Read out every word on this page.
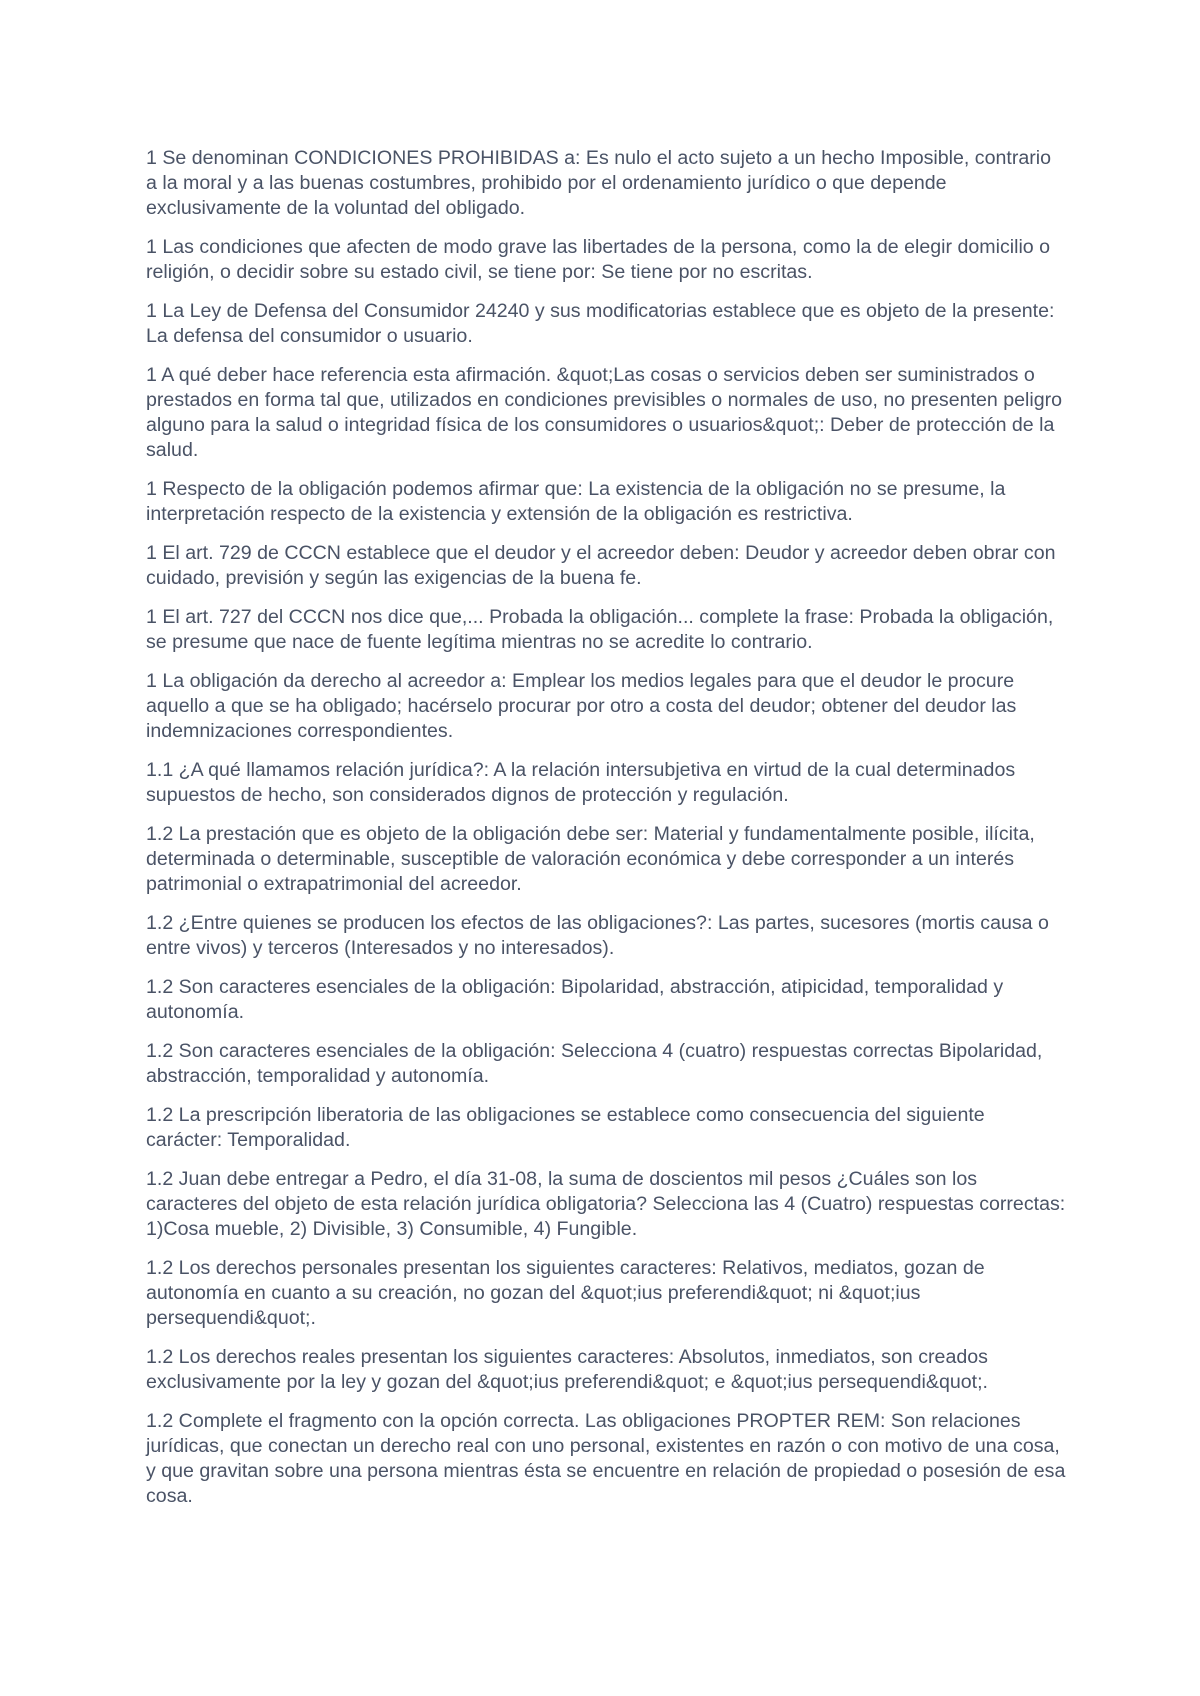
1 Se denominan CONDICIONES PROHIBIDAS a: Es nulo el acto sujeto a un hecho Imposible, contrario a la moral y a las buenas costumbres, prohibido por el ordenamiento jurídico o que depende exclusivamente de la voluntad del obligado.

1 Las condiciones que afecten de modo grave las libertades de la persona, como la de elegir domicilio o religión, o decidir sobre su estado civil, se tiene por: Se tiene por no escritas.

1 La Ley de Defensa del Consumidor 24240 y sus modificatorias establece que es objeto de la presente: La defensa del consumidor o usuario.

1 A qué deber hace referencia esta afirmación. &quot;Las cosas o servicios deben ser suministrados o prestados en forma tal que, utilizados en condiciones previsibles o normales de uso, no presenten peligro alguno para la salud o integridad física de los consumidores o usuarios&quot;: Deber de protección de la salud.

1 Respecto de la obligación podemos afirmar que: La existencia de la obligación no se presume, la interpretación respecto de la existencia y extensión de la obligación es restrictiva.

1 El art. 729 de CCCN establece que el deudor y el acreedor deben: Deudor y acreedor deben obrar con cuidado, previsión y según las exigencias de la buena fe.

1 El art. 727 del CCCN nos dice que,... Probada la obligación... complete la frase: Probada la obligación, se presume que nace de fuente legítima mientras no se acredite lo contrario.

1 La obligación da derecho al acreedor a: Emplear los medios legales para que el deudor le procure aquello a que se ha obligado; hacérselo procurar por otro a costa del deudor; obtener del deudor las indemnizaciones correspondientes.

1.1 ¿A qué llamamos relación jurídica?: A la relación intersubjetiva en virtud de la cual determinados supuestos de hecho, son considerados dignos de protección y regulación.

1.2 La prestación que es objeto de la obligación debe ser: Material y fundamentalmente posible, ilícita, determinada o determinable, susceptible de valoración económica y debe corresponder a un interés patrimonial o extrapatrimonial del acreedor.

1.2 ¿Entre quienes se producen los efectos de las obligaciones?: Las partes, sucesores (mortis causa o entre vivos) y terceros (Interesados y no interesados).

1.2 Son caracteres esenciales de la obligación: Bipolaridad, abstracción, atipicidad, temporalidad y autonomía.

1.2 Son caracteres esenciales de la obligación: Selecciona 4 (cuatro) respuestas correctas Bipolaridad, abstracción, temporalidad y autonomía.

1.2 La prescripción liberatoria de las obligaciones se establece como consecuencia del siguiente carácter: Temporalidad.

1.2 Juan debe entregar a Pedro, el día 31-08, la suma de doscientos mil pesos ¿Cuáles son los caracteres del objeto de esta relación jurídica obligatoria? Selecciona las 4 (Cuatro) respuestas correctas: 1)Cosa mueble, 2) Divisible, 3) Consumible, 4) Fungible.

1.2 Los derechos personales presentan los siguientes caracteres: Relativos, mediatos, gozan de autonomía en cuanto a su creación, no gozan del &quot;ius preferendi&quot; ni &quot;ius persequendi&quot;.

1.2 Los derechos reales presentan los siguientes caracteres: Absolutos, inmediatos, son creados exclusivamente por la ley y gozan del &quot;ius preferendi&quot; e &quot;ius persequendi&quot;.

1.2 Complete el fragmento con la opción correcta. Las obligaciones PROPTER REM: Son relaciones jurídicas, que conectan un derecho real con uno personal, existentes en razón o con motivo de una cosa, y que gravitan sobre una persona mientras ésta se encuentre en relación de propiedad o posesión de esa cosa.
